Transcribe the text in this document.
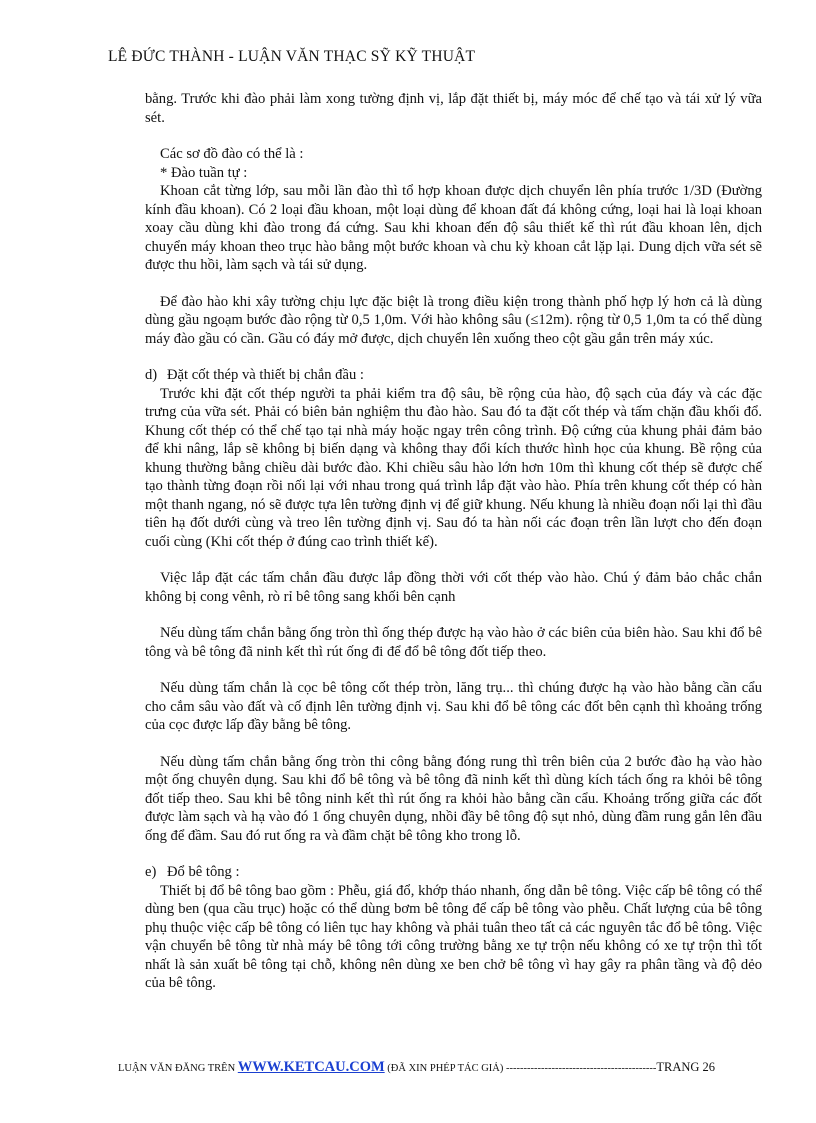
LÊ ĐỨC THÀNH - LUẬN VĂN THẠC SỸ KỸ THUẬT

bằng. Trước khi đào phải làm xong tường định vị, lắp đặt thiết bị, máy móc để chế tạo và tái xử lý vữa sét.

Các sơ đồ đào có thể là :

* Đào tuần tự :

Khoan cắt từng lớp, sau mỗi lần đào thì tổ hợp khoan được dịch chuyển lên phía trước 1/3D (Đường kính đầu khoan). Có 2 loại đầu khoan, một loại dùng để khoan đất đá không cứng, loại hai là loại khoan xoay cầu dùng khi đào trong đá cứng. Sau khi khoan đến độ sâu thiết kế thì rút đầu khoan lên, dịch chuyển máy khoan theo trục hào bằng một bước khoan và chu kỳ khoan cắt lặp lại. Dung dịch vữa sét sẽ được thu hồi, làm sạch và tái sử dụng.

Để đào hào khi xây tường chịu lực đặc biệt là trong điều kiện trong thành phố hợp lý hơn cả là dùng dùng gầu ngoạm bước đào rộng từ 0,5 1,0m. Với hào không sâu (≤12m). rộng từ 0,5 1,0m ta có thể dùng máy đào gầu có cần. Gầu có đáy mở được, dịch chuyển lên xuống theo cột gầu gắn trên máy xúc.

d) Đặt cốt thép và thiết bị chắn đầu :

Trước khi đặt cốt thép người ta phải kiểm tra độ sâu, bề rộng của hào, độ sạch của đáy và các đặc trưng của vữa sét. Phải có biên bản nghiệm thu đào hào. Sau đó ta đặt cốt thép và tấm chặn đầu khối đổ. Khung cốt thép có thể chế tạo tại nhà máy hoặc ngay trên công trình. Độ cứng của khung phải đảm bảo để khi nâng, lắp sẽ không bị biến dạng và không thay đổi kích thước hình học của khung. Bề rộng của khung thường bằng chiều dài bước đào. Khi chiều sâu hào lớn hơn 10m thì khung cốt thép sẽ được chế tạo thành từng đoạn rồi nối lại với nhau trong quá trình lắp đặt vào hào. Phía trên khung cốt thép có hàn một thanh ngang, nó sẽ được tựa lên tường định vị để giữ khung. Nếu khung là nhiều đoạn nối lại thì đầu tiên hạ đốt dưới cùng và treo lên tường định vị. Sau đó ta hàn nối các đoạn trên lần lượt cho đến đoạn cuối cùng (Khi cốt thép ở đúng cao trình thiết kế).

Việc lắp đặt các tấm chắn đầu được lắp đồng thời với cốt thép vào hào. Chú ý đảm bảo chắc chắn không bị cong vênh, rò rỉ bê tông sang khối bên cạnh

Nếu dùng tấm chắn bằng ống tròn thì ống thép được hạ vào hào ở các biên của biên hào. Sau khi đổ bê tông và bê tông đã ninh kết thì rút ống đi để đổ bê tông đốt tiếp theo.

Nếu dùng tấm chắn là cọc bê tông cốt thép tròn, lăng trụ... thì chúng được hạ vào hào bằng cần cẩu cho cắm sâu vào đất và cố định lên tường định vị. Sau khi đổ bê tông các đốt bên cạnh thì khoảng trống của cọc được lấp đầy bằng bê tông.

Nếu dùng tấm chắn bằng ống tròn thi công bằng đóng rung thì trên biên của 2 bước đào hạ vào hào một ống chuyên dụng. Sau khi đổ bê tông và bê tông đã ninh kết thì dùng kích tách ống ra khỏi bê tông đốt tiếp theo. Sau khi bê tông ninh kết thì rút ống ra khỏi hào bằng cần cẩu. Khoảng trống giữa các đốt được làm sạch và hạ vào đó 1 ống chuyên dụng, nhồi đầy bê tông độ sụt nhỏ, dùng đầm rung gắn lên đầu ống để đầm. Sau đó rut ống ra và đầm chặt bê tông kho trong lỗ.

e) Đổ bê tông :

Thiết bị đổ bê tông bao gồm : Phễu, giá đổ, khớp tháo nhanh, ống dẫn bê tông. Việc cấp bê tông có thể dùng ben (qua cầu trục) hoặc có thể dùng bơm bê tông để cấp bê tông vào phễu. Chất lượng của bê tông phụ thuộc việc cấp bê tông có liên tục hay không và phải tuân theo tất cả các nguyên tắc đổ bê tông. Việc vận chuyển bê tông từ nhà máy bê tông tới công trường bằng xe tự trộn nếu không có xe tự trộn thì tốt nhất là sản xuất bê tông tại chỗ, không nên dùng xe ben chở bê tông vì hay gây ra phân tầng và độ dẻo của bê tông.

LUẬN VĂN ĐĂNG TRÊN WWW.KETCAU.COM (ĐÃ XIN PHÉP TÁC GIẢ) -------------------------------------------TRANG 26
